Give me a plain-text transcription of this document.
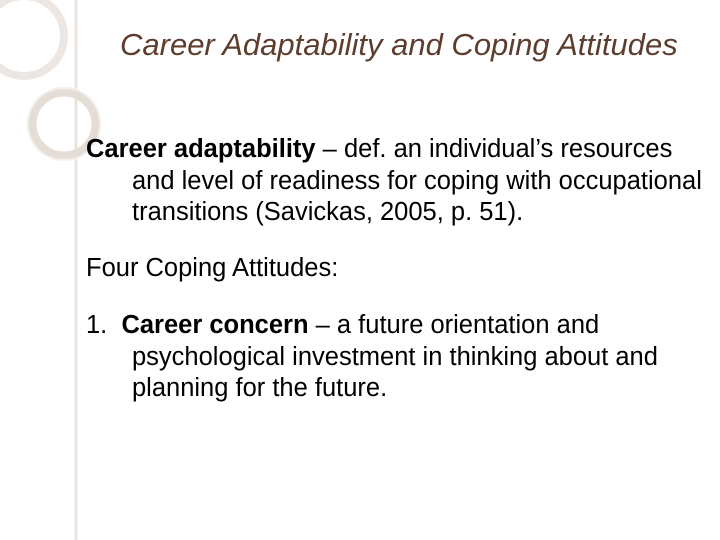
Career Adaptability and Coping Attitudes

Career adaptability – def. an individual’s resources and level of readiness for coping with occupational transitions (Savickas, 2005, p. 51).

Four Coping Attitudes:

1. Career concern – a future orientation and psychological investment in thinking about and planning for the future.
